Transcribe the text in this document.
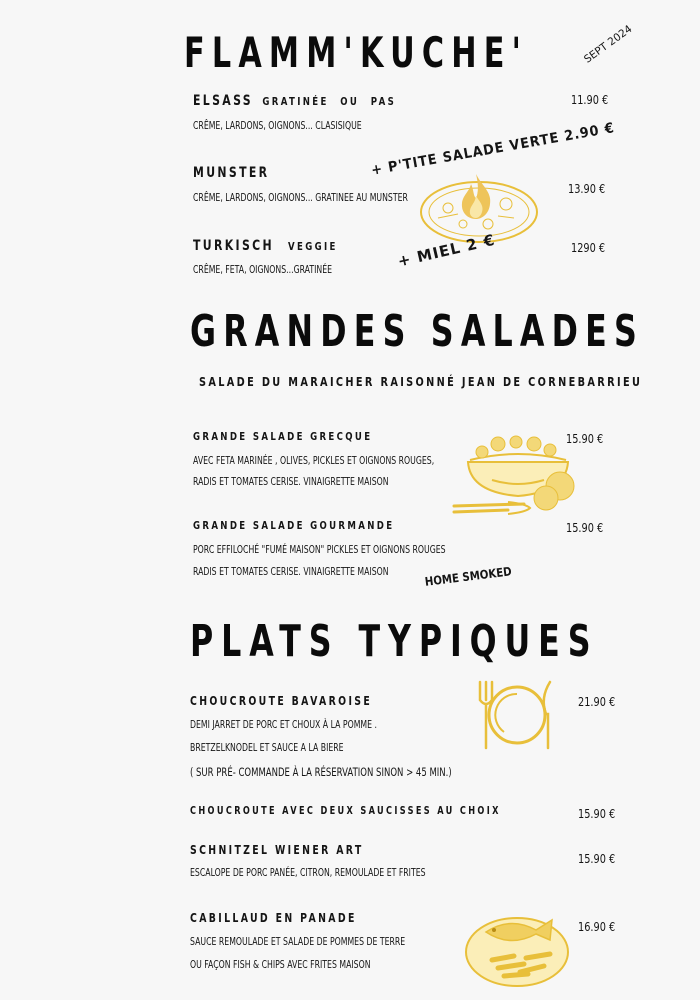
FLAMM'KUCHE'	SEPT 2024
ELSASS GRATINÉE OU PAS
CRÊME, LARDONS, OIGNONS... CLASISIQUE
11.90 €
MUNSTER
CRÊME, LARDONS, OIGNONS... GRATINEE AU MUNSTER
13.90 €
TURKISCH VEGGIE
CRÊME, FETA, OIGNONS...GRATINÉE
1290 €
+ P'TITE SALADE VERTE 2.90 €
+ MIEL 2 €
GRANDES SALADES
SALADE DU MARAICHER RAISONNÉ JEAN DE CORNEBARRIEU
GRANDE SALADE GRECQUE
AVEC FETA MARINÉE , OLIVES, PICKLES ET OIGNONS ROUGES,
RADIS ET TOMATES CERISE. VINAIGRETTE MAISON
15.90 €
GRANDE SALADE GOURMANDE
PORC EFFILOCHÉ "FUMÉ MAISON" PICKLES ET OIGNONS ROUGES
RADIS ET TOMATES CERISE. VINAIGRETTE MAISON
15.90 €
HOME SMOKED
PLATS TYPIQUES
CHOUCROUTE BAVAROISE
DEMI JARRET DE PORC ET CHOUX À LA POMME .
BRETZELKNODEL ET SAUCE A LA BIERE
( SUR PRÉ- COMMANDE À LA RÉSERVATION SINON > 45 MIN.)
21.90 €
CHOUCROUTE AVEC DEUX SAUCISSES AU CHOIX	15.90 €
SCHNITZEL WIENER ART
ESCALOPE DE PORC PANÉE, CITRON, REMOULADE ET FRITES
15.90 €
CABILLAUD EN PANADE
SAUCE REMOULADE ET SALADE DE POMMES DE TERRE
OU FAÇON FISH & CHIPS AVEC FRITES MAISON
16.90 €
